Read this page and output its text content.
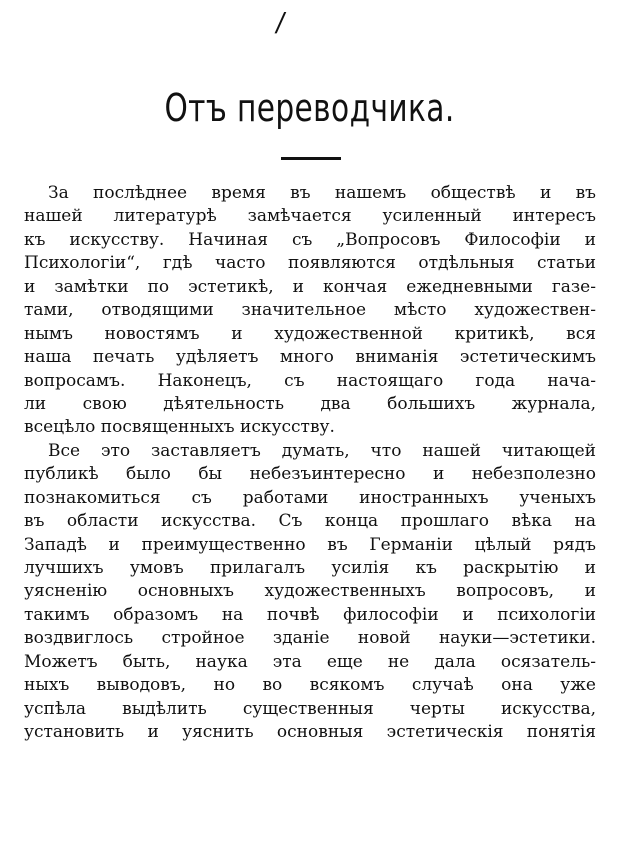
/
Отъ переводчика.
За послѣднее время въ нашемъ обществѣ и въ
нашей литературѣ замѣчается усиленный интересъ
къ искусству. Начиная съ „Вопросовъ Философiи и
Психологiи“, гдѣ часто появляются отдѣльныя статьи
и замѣтки по эстетикѣ, и кончая ежедневными газе-
тами, отводящими значительное мѣсто художествен-
нымъ новостямъ и художественной критикѣ, вся
наша печать удѣляетъ много вниманiя эстетическимъ
вопросамъ. Наконецъ, съ настоящаго года нача-
ли свою дѣятельность два большихъ журнала,
всецѣло посвященныхъ искусству.
Все это заставляетъ думать, что нашей читающей
публикѣ было бы небезъинтересно и небезполезно
познакомиться съ работами иностранныхъ ученыхъ
въ области искусства. Съ конца прошлаго вѣка на
Западѣ и преимущественно въ Германiи цѣлый рядъ
лучшихъ умовъ прилагалъ усилiя къ раскрытiю и
уясненiю основныхъ художественныхъ вопросовъ, и
такимъ образомъ на почвѣ философiи и психологiи
воздвиглось стройное зданiе новой науки—эстетики.
Можетъ быть, наука эта еще не дала осязатель-
ныхъ выводовъ, но во всякомъ случаѣ она уже
успѣла выдѣлить существенныя черты искусства,
установить и уяснить основныя эстетическiя понятiя
